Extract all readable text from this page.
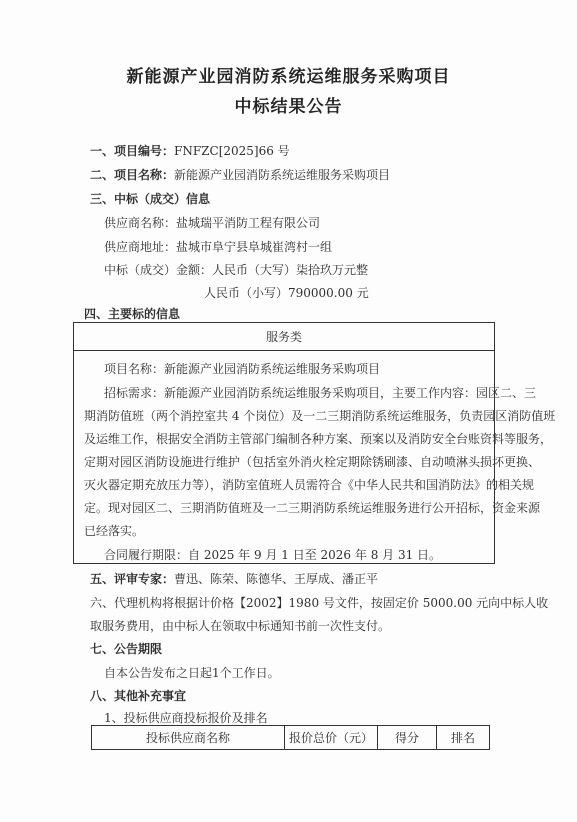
新能源产业园消防系统运维服务采购项目
中标结果公告
一、项目编号：FNFZC[2025]66 号
二、项目名称：新能源产业园消防系统运维服务采购项目
三、中标（成交）信息
供应商名称：盐城瑞平消防工程有限公司
供应商地址：盐城市阜宁县阜城崔湾村一组
中标（成交）金额：人民币（大写）柒拾玖万元整
人民币（小写）790000.00 元
四、主要标的信息
服务类
项目名称：新能源产业园消防系统运维服务采购项目
招标需求：新能源产业园消防系统运维服务采购项目，主要工作内容：园区二、三
期消防值班（两个消控室共 4 个岗位）及一二三期消防系统运维服务，负责园区消防值班
及运维工作，根据安全消防主管部门编制各种方案、预案以及消防安全台账资料等服务，
定期对园区消防设施进行维护（包括室外消火栓定期除锈刷漆、自动喷淋头损坏更换、
灭火器定期充放压力等），消防室值班人员需符合《中华人民共和国消防法》的相关规
定。现对园区二、三期消防值班及一二三期消防系统运维服务进行公开招标，资金来源
已经落实。
合同履行期限：自 2025 年 9 月 1 日至 2026 年 8 月 31 日。
五、评审专家：曹迅、陈荣、陈德华、王厚成、潘正平
六、代理机构将根据计价格【2002】1980 号文件，按固定价 5000.00 元向中标人收
取服务费用，由中标人在领取中标通知书前一次性支付。
七、公告期限
自本公告发布之日起1个工作日。
八、其他补充事宜
1、投标供应商投标报价及排名
投标供应商名称	报价总价（元）	得分	排名
